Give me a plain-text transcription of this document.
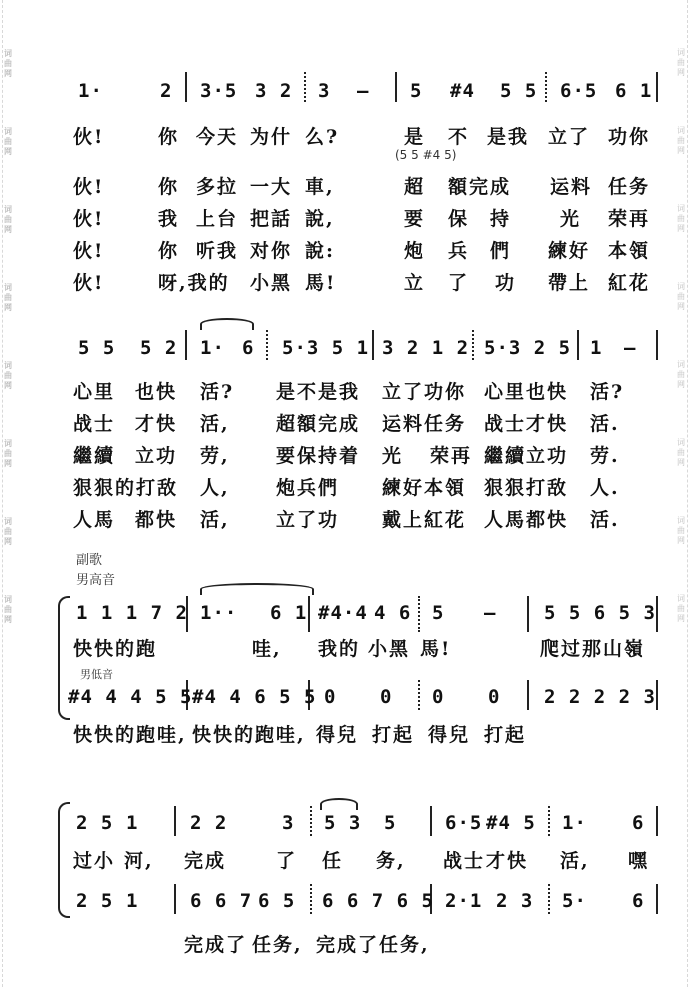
词曲网
词曲网
词曲网
词曲网
词曲网
词曲网
词曲网
词曲网
词曲网
词曲网
词曲网
词曲网
词曲网
词曲网
词曲网
词曲网
1·	2 3·5 3 2 3 – 5 #4 5 5 6·5 6 1
伙!	你 今天 为什 么?	是 不 是我 立了 功你
(5 5 #4 5)
伙!	你 多拉 一大 車,	超 額完成 运料 任务
伙!	我 上台 把話 說,	要 保 持	光 荣再
伙!	你 听我 对你 說:	炮 兵 們 練好 本領
伙!	呀,我的 小黑 馬!	立 了 功 帶上 紅花
5 5 5 2 1· 6 5·3 5 1 3 2 1 2 5·3 2 5 1 –
心里 也快 活? 是不是我 立了功你 心里也快 活?
战士 才快 活, 超額完成 运料任务 战士才快 活.
繼續 立功 劳, 要保持着 光 荣再 繼續立功 劳.
狠狠的打敌 人, 炮兵們 練好本領 狠狠打敌 人.
人馬 都快 活, 立了功 戴上紅花 人馬都快 活.
副歌
男高音
1 1 1 7 2 1·· 6 1 #4·4 4 6 5 –	5 5 6 5 3
快快的跑	哇, 我的 小黑 馬!	爬过那山嶺
男低音
#4 4 4 5 5 #4 4 6 5 5 0 0 0 0 2 2 2 2 3
快快的跑哇, 快快的跑哇, 得兒 打起 得兒 打起
2 5 1	2 2	3 5 3 5	6·5 #4 5 1· 6
过小 河, 完成	了 任 务, 战士 才快 活, 嘿
2 5 1	6 6 7 6 5 6 6 7 6 5 2·1 2 3 5· 6
完成了 任务, 完成了任务,
